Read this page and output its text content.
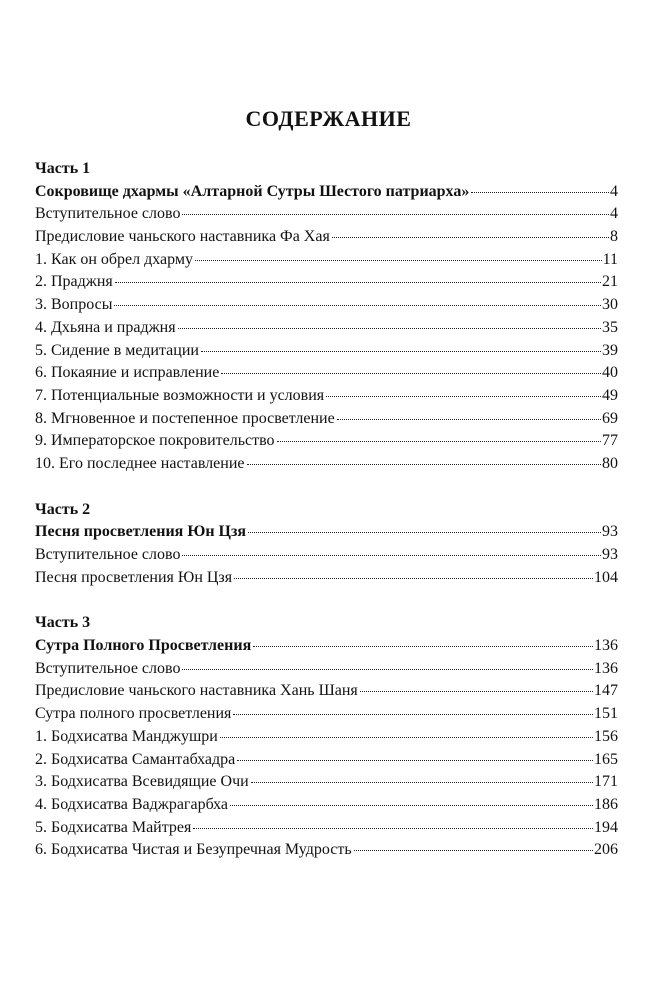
СОДЕРЖАНИЕ
Часть 1
Сокровище дхармы «Алтарной Сутры Шестого патриарха»	4
Вступительное слово	4
Предисловие чаньского наставника Фа Хая	8
1. Как он обрел дхарму	11
2. Праджня	21
3. Вопросы	30
4. Дхьяна и праджня	35
5. Сидение в медитации	39
6. Покаяние и исправление	40
7. Потенциальные возможности и условия	49
8. Мгновенное и постепенное просветление	69
9. Императорское покровительство	77
10. Его последнее наставление	80
Часть 2
Песня просветления Юн Цзя	93
Вступительное слово	93
Песня просветления Юн Цзя	104
Часть 3
Сутра Полного Просветления	136
Вступительное слово	136
Предисловие чаньского наставника Хань Шаня	147
Сутра полного просветления	151
1. Бодхисатва Манджушри	156
2. Бодхисатва Самантабхадра	165
3. Бодхисатва Всевидящие Очи	171
4. Бодхисатва Ваджрагарбха	186
5. Бодхисатва Майтрея	194
6. Бодхисатва Чистая и Безупречная Мудрость	206
